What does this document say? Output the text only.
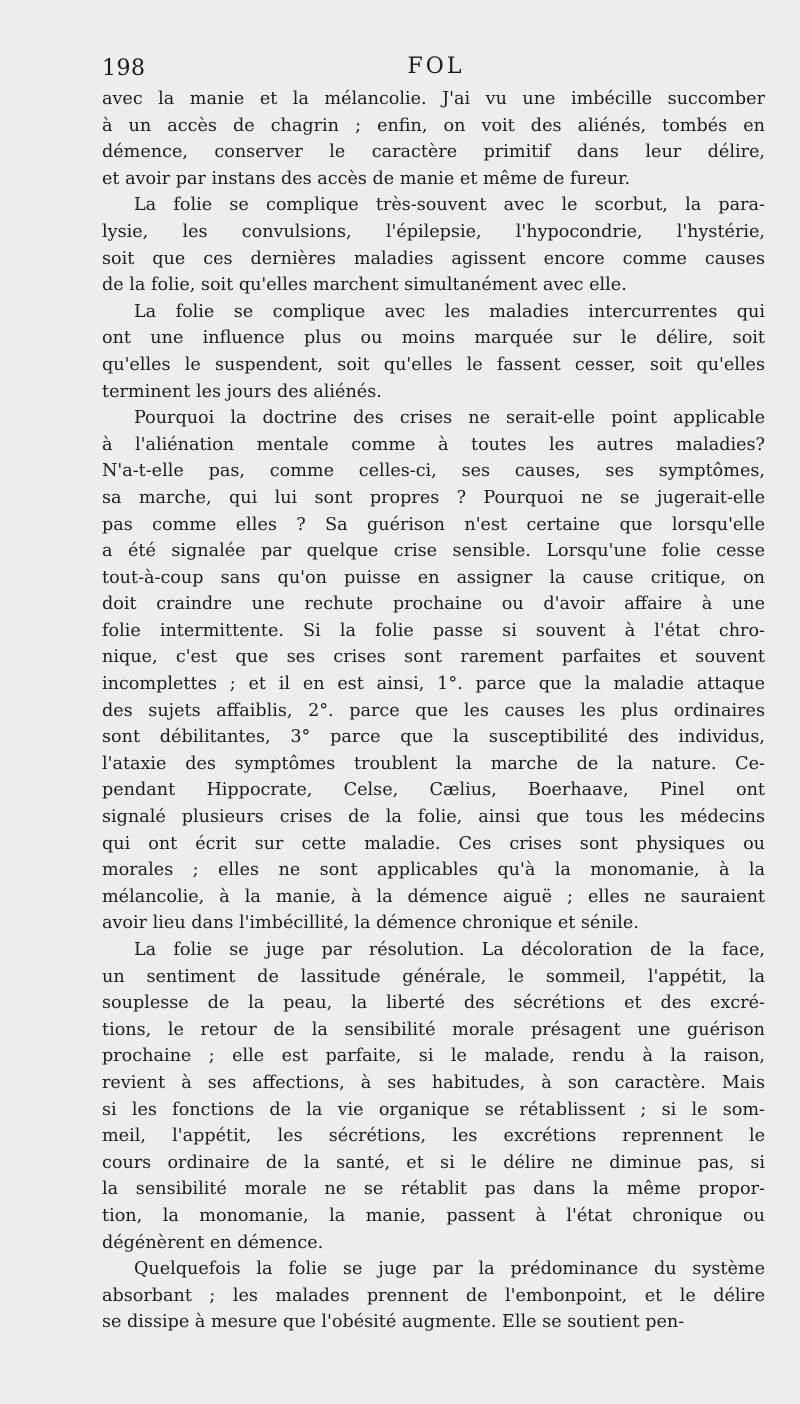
198	FOL
avec la manie et la mélancolie. J'ai vu une imbécille succomber
à un accès de chagrin ; enfin, on voit des aliénés, tombés en
démence, conserver le caractère primitif dans leur délire,
et avoir par instans des accès de manie et même de fureur.
La folie se complique très-souvent avec le scorbut, la para-
lysie, les convulsions, l'épilepsie, l'hypocondrie, l'hystérie,
soit que ces dernières maladies agissent encore comme causes
de la folie, soit qu'elles marchent simultanément avec elle.
La folie se complique avec les maladies intercurrentes qui
ont une influence plus ou moins marquée sur le délire, soit
qu'elles le suspendent, soit qu'elles le fassent cesser, soit qu'elles
terminent les jours des aliénés.
Pourquoi la doctrine des crises ne serait-elle point applicable
à l'aliénation mentale comme à toutes les autres maladies?
N'a-t-elle pas, comme celles-ci, ses causes, ses symptômes,
sa marche, qui lui sont propres ? Pourquoi ne se jugerait-elle
pas comme elles ? Sa guérison n'est certaine que lorsqu'elle
a été signalée par quelque crise sensible. Lorsqu'une folie cesse
tout-à-coup sans qu'on puisse en assigner la cause critique, on
doit craindre une rechute prochaine ou d'avoir affaire à une
folie intermittente. Si la folie passe si souvent à l'état chro-
nique, c'est que ses crises sont rarement parfaites et souvent
incomplettes ; et il en est ainsi, 1°. parce que la maladie attaque
des sujets affaiblis, 2°. parce que les causes les plus ordinaires
sont débilitantes, 3° parce que la susceptibilité des individus,
l'ataxie des symptômes troublent la marche de la nature. Ce-
pendant Hippocrate, Celse, Cælius, Boerhaave, Pinel ont
signalé plusieurs crises de la folie, ainsi que tous les médecins
qui ont écrit sur cette maladie. Ces crises sont physiques ou
morales ; elles ne sont applicables qu'à la monomanie, à la
mélancolie, à la manie, à la démence aiguë ; elles ne sauraient
avoir lieu dans l'imbécillité, la démence chronique et sénile.
La folie se juge par résolution. La décoloration de la face,
un sentiment de lassitude générale, le sommeil, l'appétit, la
souplesse de la peau, la liberté des sécrétions et des excré-
tions, le retour de la sensibilité morale présagent une guérison
prochaine ; elle est parfaite, si le malade, rendu à la raison,
revient à ses affections, à ses habitudes, à son caractère. Mais
si les fonctions de la vie organique se rétablissent ; si le som-
meil, l'appétit, les sécrétions, les excrétions reprennent le
cours ordinaire de la santé, et si le délire ne diminue pas, si
la sensibilité morale ne se rétablit pas dans la même propor-
tion, la monomanie, la manie, passent à l'état chronique ou
dégénèrent en démence.
Quelquefois la folie se juge par la prédominance du système
absorbant ; les malades prennent de l'embonpoint, et le délire
se dissipe à mesure que l'obésité augmente. Elle se soutient pen-
